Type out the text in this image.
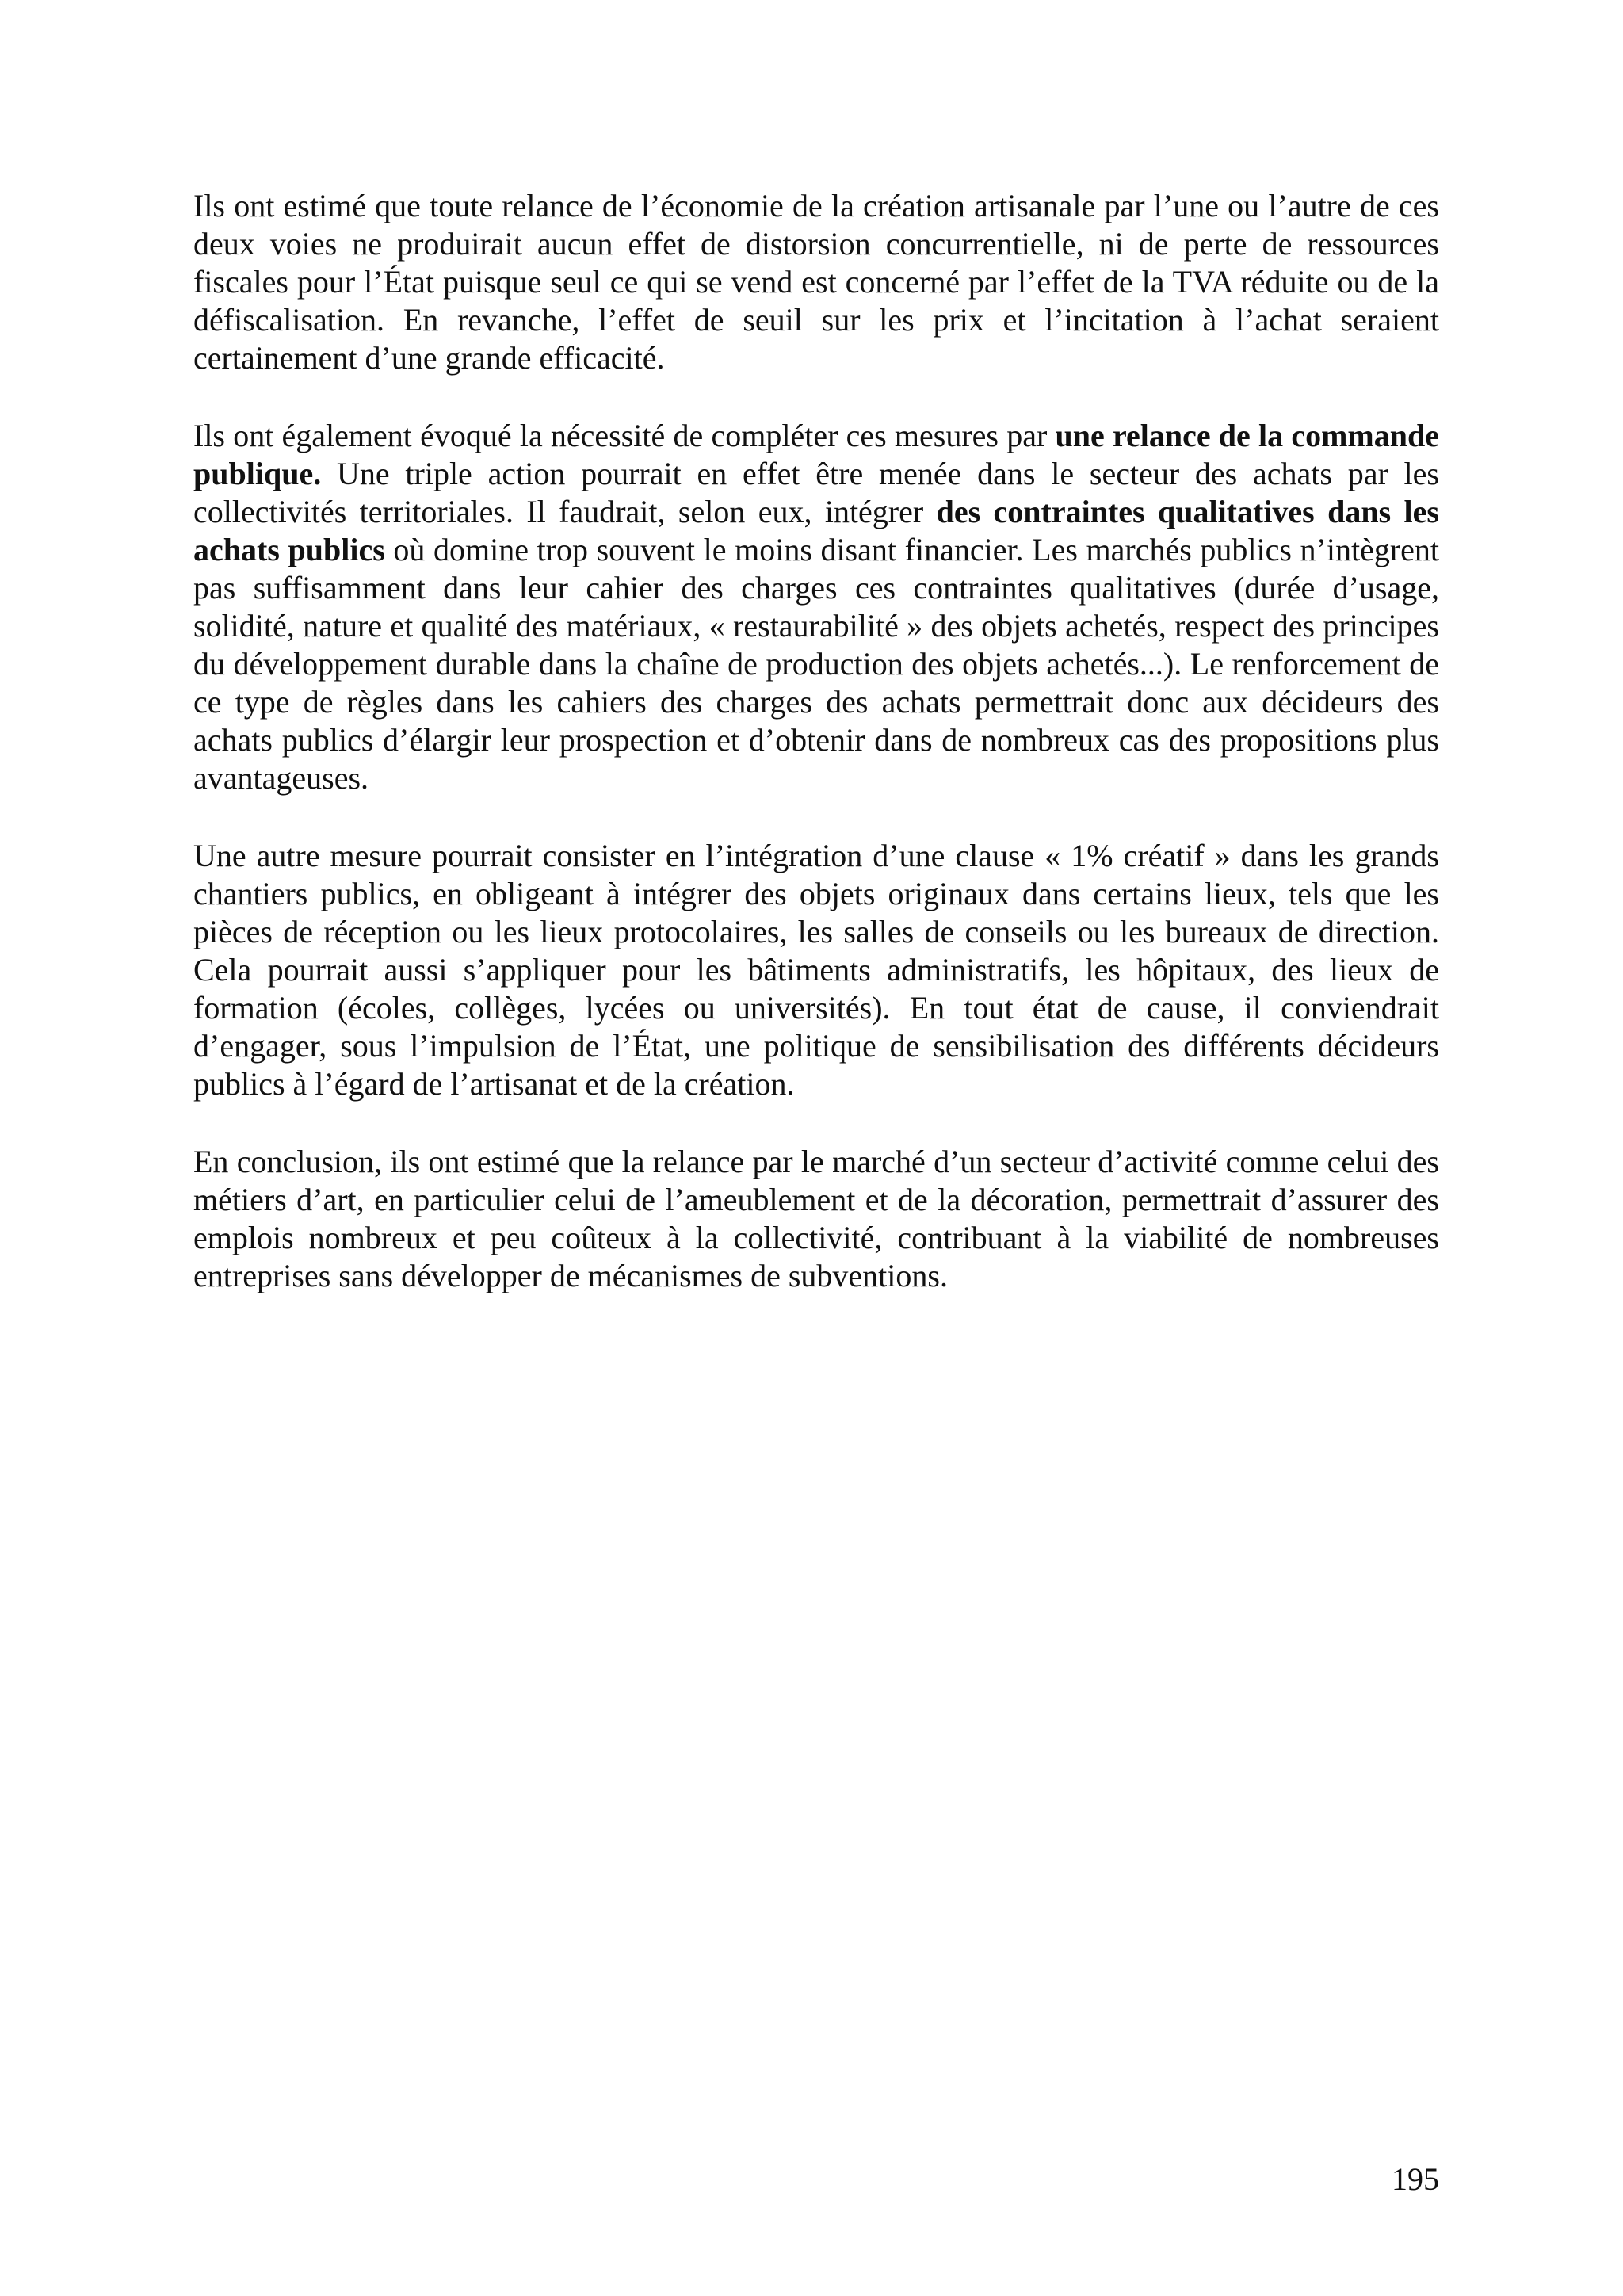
Ils ont estimé que toute relance de l’économie de la création artisanale par l’une ou l’autre de ces deux voies ne produirait aucun effet de distorsion concurrentielle, ni de perte de ressources fiscales pour l’État puisque seul ce qui se vend est concerné par l’effet de la TVA réduite ou de la défiscalisation. En revanche, l’effet de seuil sur les prix et l’incitation à l’achat seraient certainement d’une grande efficacité.

Ils ont également évoqué la nécessité de compléter ces mesures par une relance de la commande publique. Une triple action pourrait en effet être menée dans le secteur des achats par les collectivités territoriales. Il faudrait, selon eux, intégrer des contraintes qualitatives dans les achats publics où domine trop souvent le moins disant financier. Les marchés publics n’intègrent pas suffisamment dans leur cahier des charges ces contraintes qualitatives (durée d’usage, solidité, nature et qualité des matériaux, « restaurabilité » des objets achetés, respect des principes du développement durable dans la chaîne de production des objets achetés...). Le renforcement de ce type de règles dans les cahiers des charges des achats permettrait donc aux décideurs des achats publics d’élargir leur prospection et d’obtenir dans de nombreux cas des propositions plus avantageuses.

Une autre mesure pourrait consister en l’intégration d’une clause « 1% créatif » dans les grands chantiers publics, en obligeant à intégrer des objets originaux dans certains lieux, tels que les pièces de réception ou les lieux protocolaires, les salles de conseils ou les bureaux de direction. Cela pourrait aussi s’appliquer pour les bâtiments administratifs, les hôpitaux, des lieux de formation (écoles, collèges, lycées ou universités). En tout état de cause, il conviendrait d’engager, sous l’impulsion de l’État, une politique de sensibilisation des différents décideurs publics à l’égard de l’artisanat et de la création.

En conclusion, ils ont estimé que la relance par le marché d’un secteur d’activité comme celui des métiers d’art, en particulier celui de l’ameublement et de la décoration, permettrait d’assurer des emplois nombreux et peu coûteux à la collectivité, contribuant à la viabilité de nombreuses entreprises sans développer de mécanismes de subventions.

195
